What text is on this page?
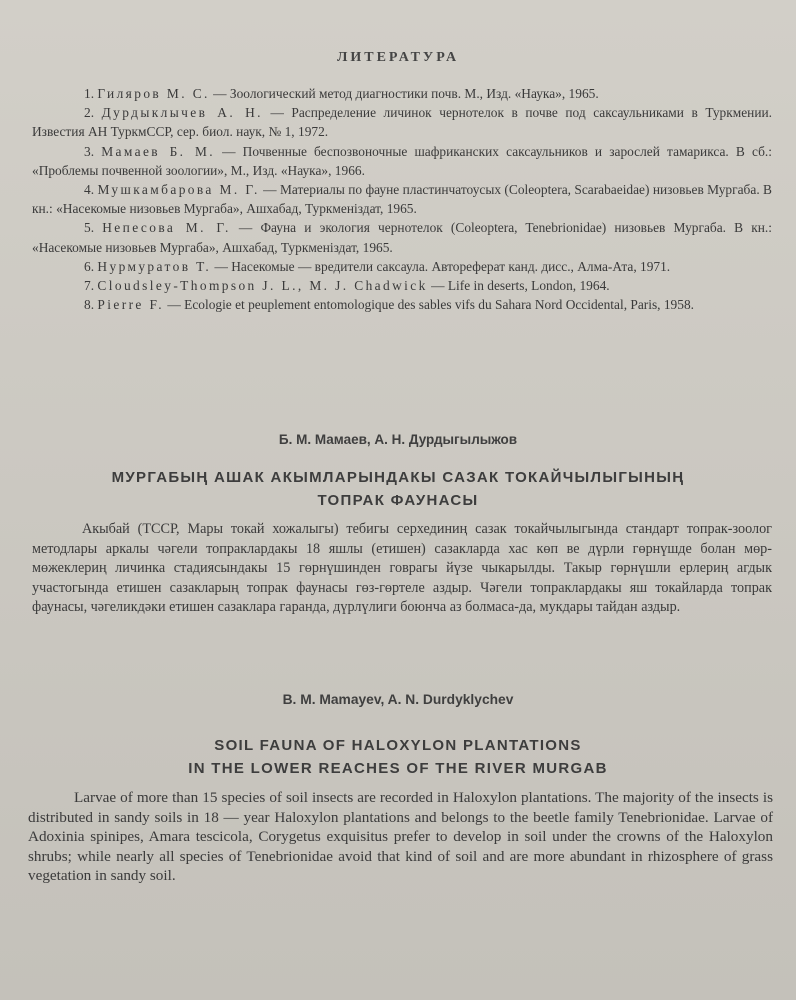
ЛИТЕРАТУРА

1. Гиляров М. С. — Зоологический метод диагностики почв. М., Изд. «Наука», 1965.

2. Дурдыклычев А. Н. — Распределение личинок чернотелок в почве под саксаульниками в Туркмении. Известия АН ТуркмССР, сер. биол. наук, № 1, 1972.

3. Мамаев Б. М. — Почвенные беспозвоночные шафриканских саксаульников и зарослей тамарикса. В сб.: «Проблемы почвенной зоологии», М., Изд. «Наука», 1966.

4. Мушкамбарова М. Г. — Материалы по фауне пластинчатоусых (Coleoptera, Scarabaeidae) низовьев Мургаба. В кн.: «Насекомые низовьев Мургаба», Ашхабад, Туркменіздат, 1965.

5. Непесова М. Г. — Фауна и экология чернотелок (Coleoptera, Tenebrionidae) низовьев Мургаба. В кн.: «Насекомые низовьев Мургаба», Ашхабад, Туркменіздат, 1965.

6. Нурмуратов Т. — Насекомые — вредители саксаула. Автореферат канд. дисс., Алма-Ата, 1971.

7. Cloudsley-Thompson J. L., M. J. Chadwick — Life in deserts, London, 1964.

8. Pierre F. — Ecologie et peuplement entomologique des sables vifs du Sahara Nord Occidental, Paris, 1958.

Б. М. Мамаев, А. Н. Дурдыгылыжов
МУРГАБЫҢ АШАК АКЫМЛАРЫНДАКЫ САЗАК ТОКАЙЧЫЛЫГЫНЫҢ
ТОПРАК ФАУНАСЫ

Акыбай (ТССР, Мары токай хожалыгы) тебигы серхединиң сазак токайчылыгында стандарт топрак-зоолог методлары аркалы чәгели топраклардакы 18 яшлы (етишен) сазакларда хас көп ве дүрли гөрнүшде болан мөр-мөжеклериң личинка стадиясындакы 15 гөрнүшинден говрагы йүзе чыкарылды. Такыр гөрнүшли ерлериң агдык участогында етишен сазакларың топрак фаунасы гөз-гөртеле аздыр. Чәгели топраклардакы яш токайларда топрак фаунасы, чәгеликдәки етишен сазаклара гаранда, дүрлүлиги боюнча аз болмаса-да, мукдары тайдан аздыр.

B. M. Mamayev, A. N. Durdyklychev
SOIL FAUNA OF HALOXYLON PLANTATIONS
IN THE LOWER REACHES OF THE RIVER MURGAB

Larvae of more than 15 species of soil insects are recorded in Haloxylon plantations. The majority of the insects is distributed in sandy soils in 18 — year Haloxylon plantations and belongs to the beetle family Tenebrionidae. Larvae of Adoxinia spinipes, Amara tescicola, Corygetus exquisitus prefer to develop in soil under the crowns of the Haloxylon shrubs; while nearly all species of Tenebrionidae avoid that kind of soil and are more abundant in rhizosphere of grass vegetation in sandy soil.
